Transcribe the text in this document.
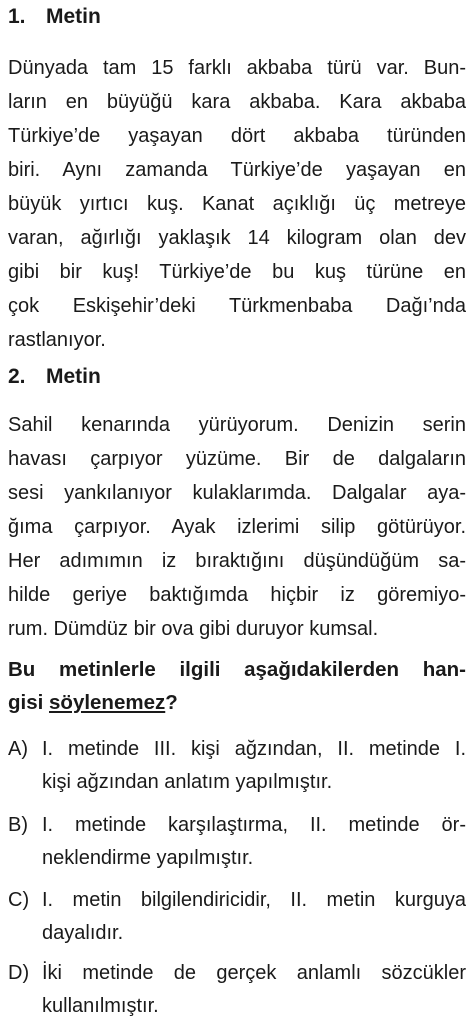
1. Metin
Dünyada tam 15 farklı akbaba türü var. Bun-
ların en büyüğü kara akbaba. Kara akbaba
Türkiye’de yaşayan dört akbaba türünden
biri. Aynı zamanda Türkiye’de yaşayan en
büyük yırtıcı kuş. Kanat açıklığı üç metreye
varan, ağırlığı yaklaşık 14 kilogram olan dev
gibi bir kuş! Türkiye’de bu kuş türüne en
çok Eskişehir’deki Türkmenbaba Dağı’nda
rastlanıyor.
2. Metin
Sahil kenarında yürüyorum. Denizin serin
havası çarpıyor yüzüme. Bir de dalgaların
sesi yankılanıyor kulaklarımda. Dalgalar aya-
ğıma çarpıyor. Ayak izlerimi silip götürüyor.
Her adımımın iz bıraktığını düşündüğüm sa-
hilde geriye baktığımda hiçbir iz göremiyo-
rum. Dümdüz bir ova gibi duruyor kumsal.
Bu metinlerle ilgili aşağıdakilerden han-
gisi söylenemez?
A) I. metinde III. kişi ağzından, II. metinde I.
kişi ağzından anlatım yapılmıştır.
B) I. metinde karşılaştırma, II. metinde ör-
neklendirme yapılmıştır.
C) I. metin bilgilendiricidir, II. metin kurguya
dayalıdır.
D) İki metinde de gerçek anlamlı sözcükler
kullanılmıştır.
